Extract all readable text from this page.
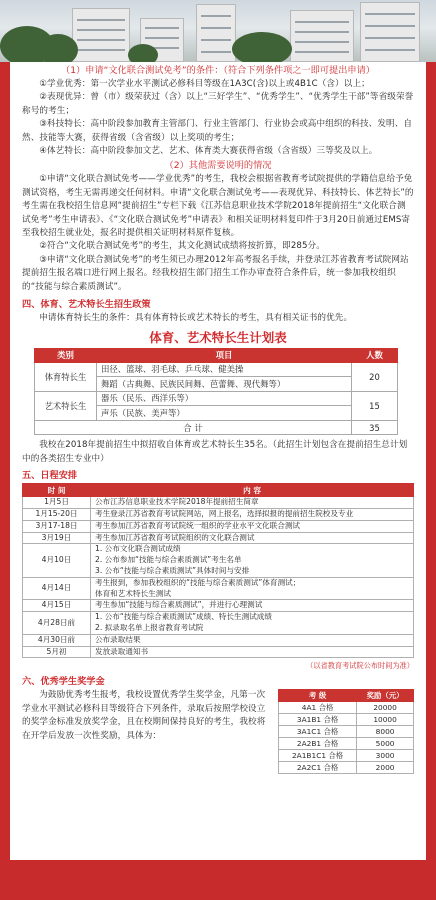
（1）申请“文化联合测试免考”的条件：（符合下列条件项之一即可提出申请）
①学业优秀：第一次学业水平测试必修科目等级在1A3C(含)以上或4B1C（含）以上；
②表现优异：曾（市）级荣获过（含）以上“三好学生”、“优秀学生”、“优秀学生干部”等省级荣誉称号的考生；
③科技特长：高中阶段参加教育主管部门、行业主管部门、行业协会或高中组织的科技、发明、自然、技能等大赛，获得省级（含省级）以上奖项的考生；
④体艺特长：高中阶段参加文艺、艺术、体育类大赛获得省级（含省级）三等奖及以上。
（2）其他需要说明的情况
①申请“文化联合测试免考——学业优秀”的考生，我校会根据省教育考试院提供的学籍信息给予免测试资格，考生无需再递交任何材料。申请“文化联合测试免考——表现优异、科技特长、体艺特长”的考生需在我校招生信息网“提前招生”专栏下载《江苏信息职业技术学院2018年提前招生“文化联合测试免考”考生申请表》、《“文化联合测试免考”申请表》和相关证明材料复印件于3月20日前通过EMS寄至我校招生就业处，报名时提供相关证明材料原件复核。
②符合“文化联合测试免考”的考生，其文化测试成绩将按折算，即285分。
③申请“文化联合测试免考”的考生须已办理2012年高考报名手续，并登录江苏省教育考试院网站提前招生报名端口进行网上报名。经我校招生部门招生工作办审查符合条件后，统一参加我校组织的“技能与综合素质测试”。
四、体育、艺术特长生招生政策
申请体育特长生的条件：具有体育特长或艺术特长的考生，具有相关证书的优先。
体育、艺术特长生计划表
类别	项目	人数
体育特长生	田径、篮球、羽毛球、乒乓球、健美操	20
	舞蹈（古典舞、民族民间舞、芭蕾舞、现代舞等）	
艺术特长生	器乐（民乐、西洋乐等）	15
	声乐（民族、美声等）	
合 计		35
我校在2018年提前招生中拟招收自体育或艺术特长生35名。（此招生计划包含在提前招生总计划中的各类招生专业中）
五、日程安排
时 间	内 容
1月5日	公布江苏信息职业技术学院2018年提前招生简章

1月15-20日	考生登录江苏省教育考试院网站，网上报名，选择拟报的提前招生院校及专业

3月17-18日	考生参加江苏省教育考试院统一组织的学业水平文化联合测试

3月19日	考生参加江苏省教育考试院组织的文化联合测试

4月10日	1. 公布文化联合测试成绩
2. 公布参加“技能与综合素质测试”考生名单
3. 公布“技能与综合素质测试”具体时间与安排

4月14日	考生报到，参加我校组织的“技能与综合素质测试”体育测试；
体育和艺术特长生测试

4月15日	考生参加“技能与综合素质测试”，并进行心理测试

4月28日前	1. 公布“技能与综合素质测试”成绩、特长生测试成绩
2. 拟录取名单上报省教育考试院

4月30日前	公布录取结果

5月初	发放录取通知书
（以省教育考试院公布时间为准）
六、优秀学生奖学金
为鼓励优秀考生报考，我校设置优秀学生奖学金，凡第一次学业水平测试必修科目等级符合下列条件，录取后按照学校设立的奖学金标准发放奖学金，且在校期间保持良好的考生，我校将在开学后发放一次性奖励，具体为：
考 级	奖励（元）
4A1 合格	20000
3A1B1 合格	10000
3A1C1 合格	8000
2A2B1 合格	5000
2A1B1C1 合格	3000
2A2C1 合格	2000
